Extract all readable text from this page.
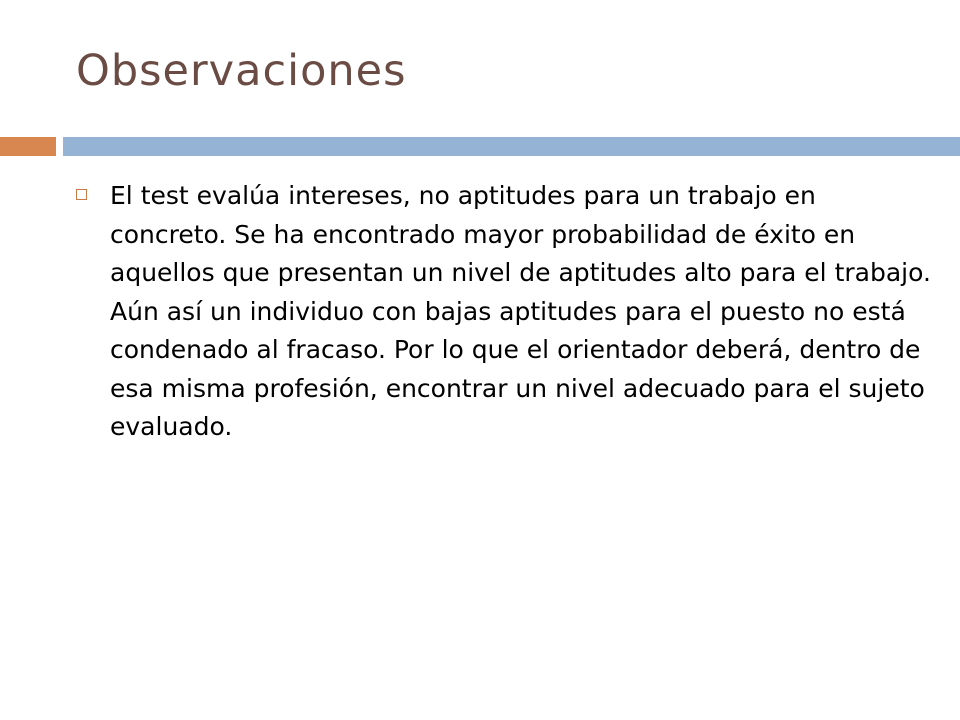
Observaciones
El test evalúa intereses, no aptitudes para un trabajo en concreto. Se ha encontrado mayor probabilidad de éxito en aquellos que presentan un nivel de aptitudes alto para el trabajo. Aún así un individuo con bajas aptitudes para el puesto no está condenado al fracaso. Por lo que el orientador deberá, dentro de esa misma profesión, encontrar un nivel adecuado para el sujeto evaluado.
